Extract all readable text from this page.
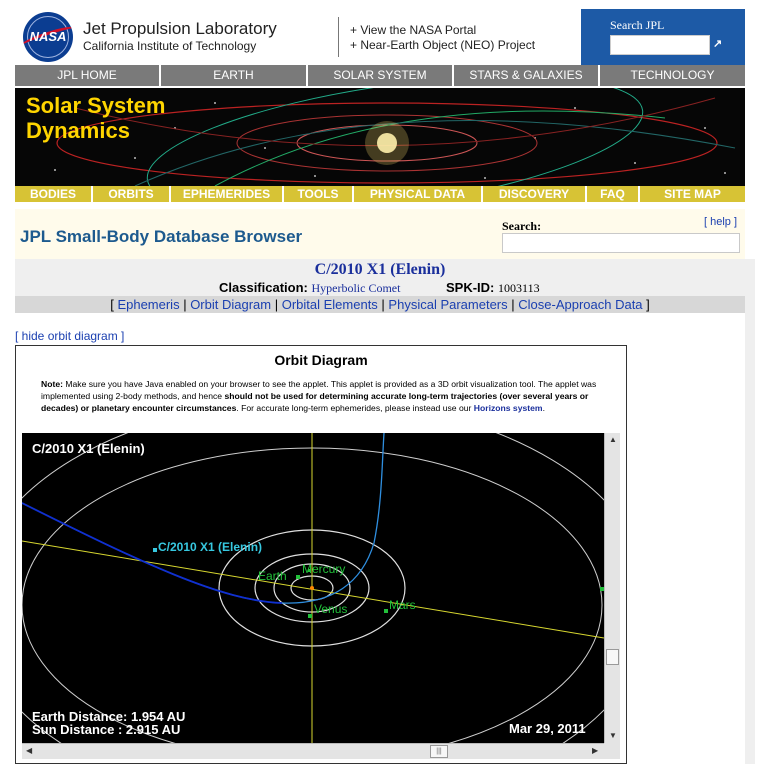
NASA Jet Propulsion Laboratory
California Institute of Technology
+ View the NASA Portal
+ Near-Earth Object (NEO) Project
Search JPL
↗
JPL HOME	EARTH	SOLAR SYSTEM	STARS & GALAXIES	TECHNOLOGY
Solar System
Dynamics
BODIES	ORBITS	EPHEMERIDES	TOOLS	PHYSICAL DATA	DISCOVERY	FAQ	SITE MAP
JPL Small-Body Database Browser
Search:	[ help ]
C/2010 X1 (Elenin)
Classification: Hyperbolic Comet	SPK-ID: 1003113
[ Ephemeris | Orbit Diagram | Orbital Elements | Physical Parameters | Close-Approach Data ]
[ hide orbit diagram ]
Orbit Diagram
Note: Make sure you have Java enabled on your browser to see the applet. This applet is provided as a 3D orbit visualization tool. The applet was implemented using 2-body methods, and hence should not be used for determining accurate long-term trajectories (over several years or decades) or planetary encounter circumstances. For accurate long-term ephemerides, please instead use our Horizons system.
Earth Mercury
Venus	Mars
C/2010 X1 (Elenin)
C/2010 X1 (Elenin)
Earth Distance: 1.954 AU
Sun Distance : 2.915 AU	Mar 29, 2011
▲
▼
◀	|||	▶
